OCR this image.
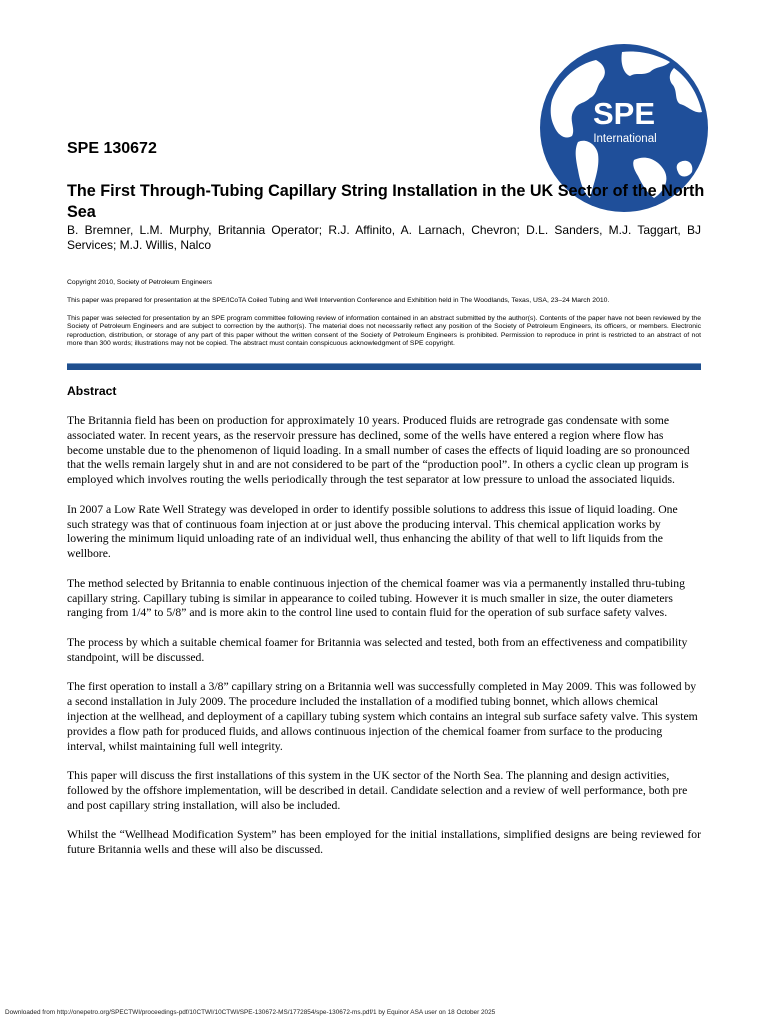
SPE
International
SPE 130672
The First Through-Tubing Capillary String Installation in the UK Sector of the North Sea

B. Bremner, L.M. Murphy, Britannia Operator; R.J. Affinito, A. Larnach, Chevron; D.L. Sanders, M.J. Taggart, BJ Services; M.J. Willis, Nalco

Copyright 2010, Society of Petroleum Engineers

This paper was prepared for presentation at the SPE/ICoTA Coiled Tubing and Well Intervention Conference and Exhibition held in The Woodlands, Texas, USA, 23–24 March 2010.

This paper was selected for presentation by an SPE program committee following review of information contained in an abstract submitted by the author(s). Contents of the paper have not been reviewed by the Society of Petroleum Engineers and are subject to correction by the author(s). The material does not necessarily reflect any position of the Society of Petroleum Engineers, its officers, or members. Electronic reproduction, distribution, or storage of any part of this paper without the written consent of the Society of Petroleum Engineers is prohibited. Permission to reproduce in print is restricted to an abstract of not more than 300 words; illustrations may not be copied. The abstract must contain conspicuous acknowledgment of SPE copyright.

Abstract

The Britannia field has been on production for approximately 10 years. Produced fluids are retrograde gas condensate with some associated water. In recent years, as the reservoir pressure has declined, some of the wells have entered a region where flow has become unstable due to the phenomenon of liquid loading. In a small number of cases the effects of liquid loading are so pronounced that the wells remain largely shut in and are not considered to be part of the “production pool”. In others a cyclic clean up program is employed which involves routing the wells periodically through the test separator at low pressure to unload the associated liquids.

In 2007 a Low Rate Well Strategy was developed in order to identify possible solutions to address this issue of liquid loading. One such strategy was that of continuous foam injection at or just above the producing interval. This chemical application works by lowering the minimum liquid unloading rate of an individual well, thus enhancing the ability of that well to lift liquids from the wellbore.

The method selected by Britannia to enable continuous injection of the chemical foamer was via a permanently installed thru-tubing capillary string. Capillary tubing is similar in appearance to coiled tubing. However it is much smaller in size, the outer diameters ranging from 1/4” to 5/8” and is more akin to the control line used to contain fluid for the operation of sub surface safety valves.

The process by which a suitable chemical foamer for Britannia was selected and tested, both from an effectiveness and compatibility standpoint, will be discussed.

The first operation to install a 3/8” capillary string on a Britannia well was successfully completed in May 2009. This was followed by a second installation in July 2009. The procedure included the installation of a modified tubing bonnet, which allows chemical injection at the wellhead, and deployment of a capillary tubing system which contains an integral sub surface safety valve. This system provides a flow path for produced fluids, and allows continuous injection of the chemical foamer from surface to the producing interval, whilst maintaining full well integrity.

This paper will discuss the first installations of this system in the UK sector of the North Sea. The planning and design activities, followed by the offshore implementation, will be described in detail. Candidate selection and a review of well performance, both pre and post capillary string installation, will also be included.

Whilst the “Wellhead Modification System” has been employed for the initial installations, simplified designs are being reviewed for future Britannia wells and these will also be discussed.

Downloaded from http://onepetro.org/SPECTWI/proceedings-pdf/10CTWI/10CTWI/SPE-130672-MS/1772854/spe-130672-ms.pdf/1 by Equinor ASA user on 18 October 2025
